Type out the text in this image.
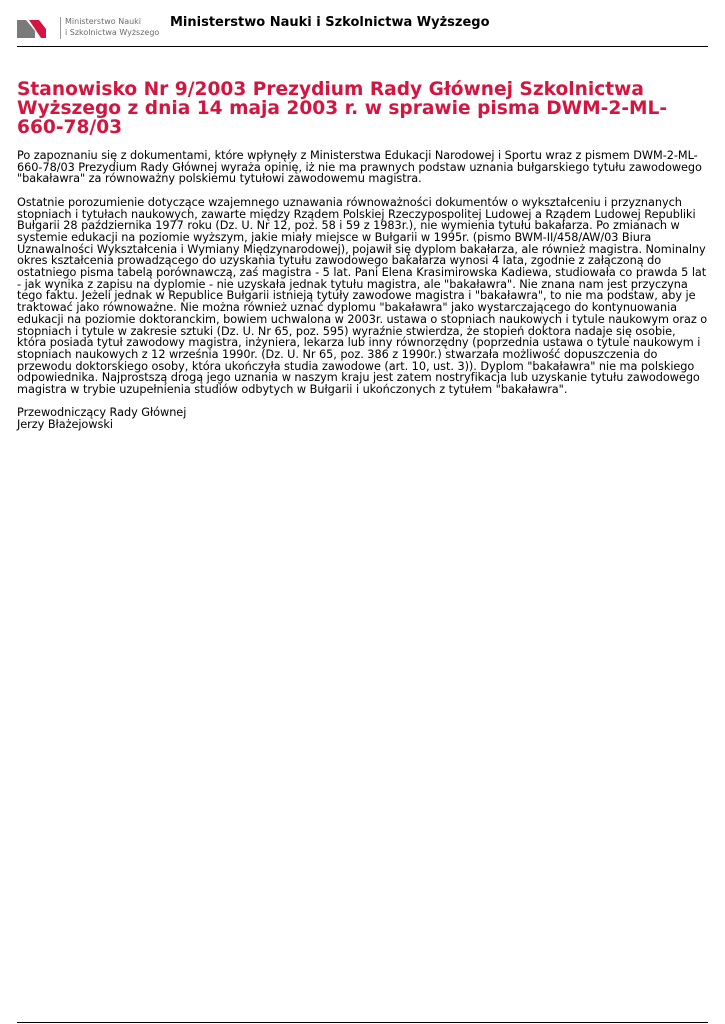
Ministerstwo Nauki
i Szkolnictwa Wyższego
Ministerstwo Nauki i Szkolnictwa Wyższego
Stanowisko Nr 9/2003 Prezydium Rady Głównej Szkolnictwa Wyższego z dnia 14 maja 2003 r. w sprawie pisma DWM-2-ML-660-78/03

Po zapoznaniu się z dokumentami, które wpłynęły z Ministerstwa Edukacji Narodowej i Sportu wraz z pismem DWM-2-ML-660-78/03 Prezydium Rady Głównej wyraża opinię, iż nie ma prawnych podstaw uznania bułgarskiego tytułu zawodowego "bakaławra" za równoważny polskiemu tytułowi zawodowemu magistra.

Ostatnie porozumienie dotyczące wzajemnego uznawania równoważności dokumentów o wykształceniu i przyznanych stopniach i tytułach naukowych, zawarte między Rządem Polskiej Rzeczypospolitej Ludowej a Rządem Ludowej Republiki Bułgarii 28 października 1977 roku (Dz. U. Nr 12, poz. 58 i 59 z 1983r.), nie wymienia tytułu bakałarza. Po zmianach w systemie edukacji na poziomie wyższym, jakie miały miejsce w Bułgarii w 1995r. (pismo BWM-II/458/AW/03 Biura Uznawalności Wykształcenia i Wymiany Międzynarodowej), pojawił się dyplom bakałarza, ale również magistra. Nominalny okres kształcenia prowadzącego do uzyskania tytułu zawodowego bakałarza wynosi 4 lata, zgodnie z załączoną do ostatniego pisma tabelą porównawczą, zaś magistra - 5 lat. Pani Elena Krasimirowska Kadiewa, studiowała co prawda 5 lat - jak wynika z zapisu na dyplomie - nie uzyskała jednak tytułu magistra, ale "bakaławra". Nie znana nam jest przyczyna tego faktu. Jeżeli jednak w Republice Bułgarii istnieją tytuły zawodowe magistra i "bakaławra", to nie ma podstaw, aby je traktować jako równoważne. Nie można również uznać dyplomu "bakaławra" jako wystarczającego do kontynuowania edukacji na poziomie doktoranckim, bowiem uchwalona w 2003r. ustawa o stopniach naukowych i tytule naukowym oraz o stopniach i tytule w zakresie sztuki (Dz. U. Nr 65, poz. 595) wyraźnie stwierdza, że stopień doktora nadaje się osobie, która posiada tytuł zawodowy magistra, inżyniera, lekarza lub inny równorzędny (poprzednia ustawa o tytule naukowym i stopniach naukowych z 12 września 1990r. (Dz. U. Nr 65, poz. 386 z 1990r.) stwarzała możliwość dopuszczenia do przewodu doktorskiego osoby, która ukończyła studia zawodowe (art. 10, ust. 3)). Dyplom "bakaławra" nie ma polskiego odpowiednika. Najprostszą drogą jego uznania w naszym kraju jest zatem nostryfikacja lub uzyskanie tytułu zawodowego magistra w trybie uzupełnienia studiów odbytych w Bułgarii i ukończonych z tytułem "bakaławra".

Przewodniczący Rady Głównej

Jerzy Błażejowski
